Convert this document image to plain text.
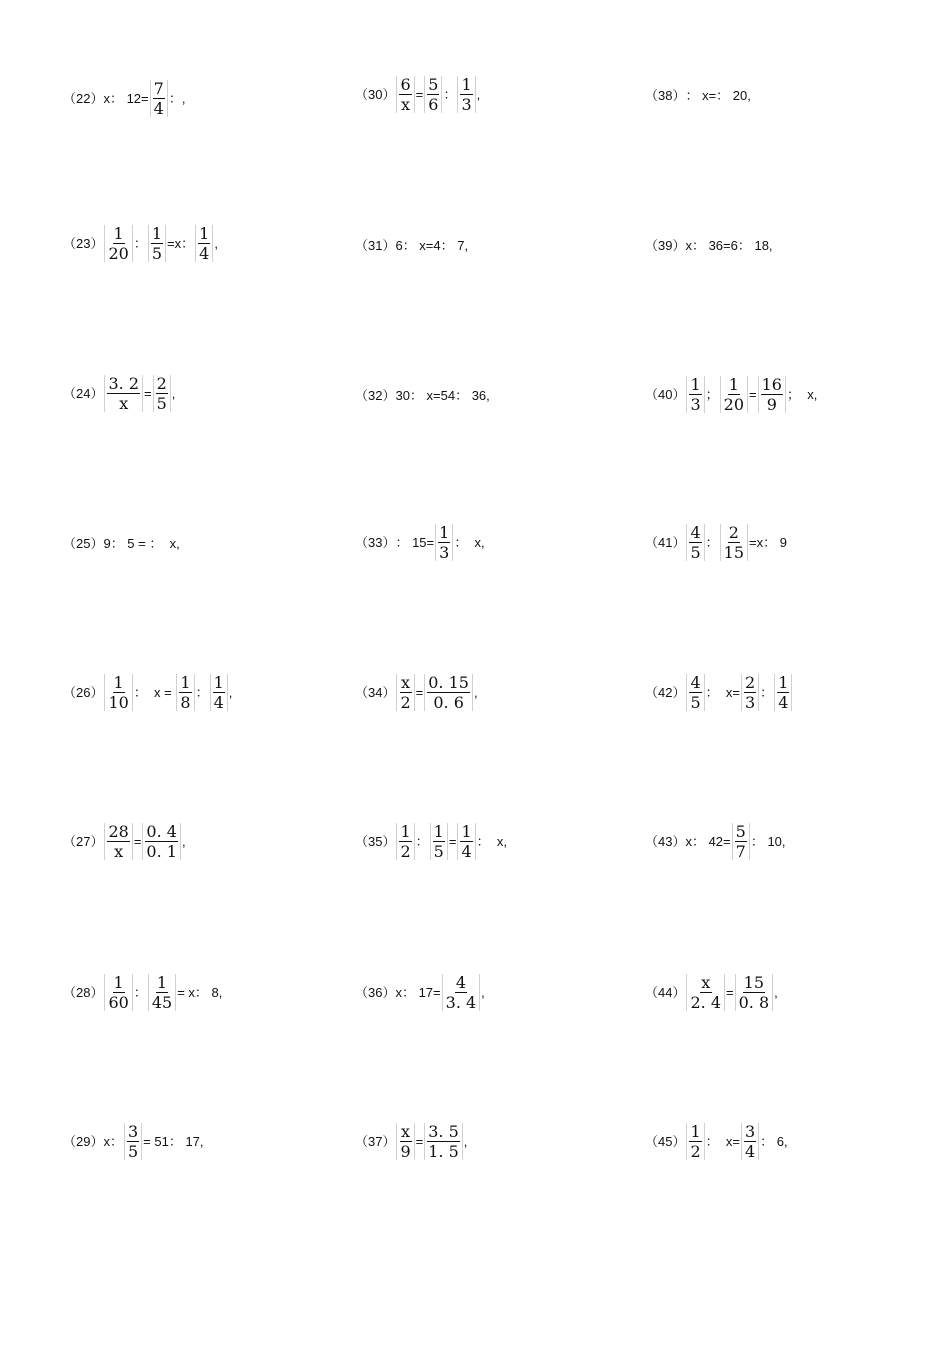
（22） x： $12= \frac{7}{4}$ ：,
$(23) \frac{1}{20}$ ： $\frac{1}{5} =x$： $\frac{1}{4}$ ,
$(24) \frac{3. 2}{x} = \frac{2}{5}$ ,
（25） 9： 5 = ：  x,
$(26) \frac{1}{10}$ ：  $x = \frac{1}{8}$ ： $\frac{1}{4}$ ,
$(27) \frac{28}{x} = \frac{0. 4}{0. 1}$ ,
$(28) \frac{1}{60}$ ： $\frac{1}{45} = x$： 8,
（29） x： $\frac{3}{5} = 51$： 17,
$(30) \frac{6}{x} = \frac{5}{6}$ ： $\frac{1}{3}$ ,
（31） 6： x=4： 7,
（32） 30： x=54： 36,
（33） ： $15= \frac{1}{3}$ ：  x,
$(34) \frac{x}{2} = \frac{0. 15}{0. 6}$ ,
$(35) \frac{1}{2}$ ： $\frac{1}{5} = \frac{1}{4}$ ：  x,
（36） x： $17= \frac{4}{3. 4}$ ,
$(37) \frac{x}{9} = \frac{3. 5}{1. 5}$ ,
（38） ： x=： 20,
（39） x： 36=6： 18,
$(40) \frac{1}{3}$ ； $\frac{1}{20} = \frac{16}{9}$ ；  x,
$(41) \frac{4}{5}$ ： $\frac{2}{15} =x$： 9
$(42) \frac{4}{5}$ ：  $x= \frac{2}{3}$ ： $\frac{1}{4}$
（43） x： $42= \frac{5}{7}$ ： 10,
$(44) \frac{x}{2. 4} = \frac{15}{0. 8}$ ,
$(45) \frac{1}{2}$ ：  $x= \frac{3}{4}$ ： 6,
